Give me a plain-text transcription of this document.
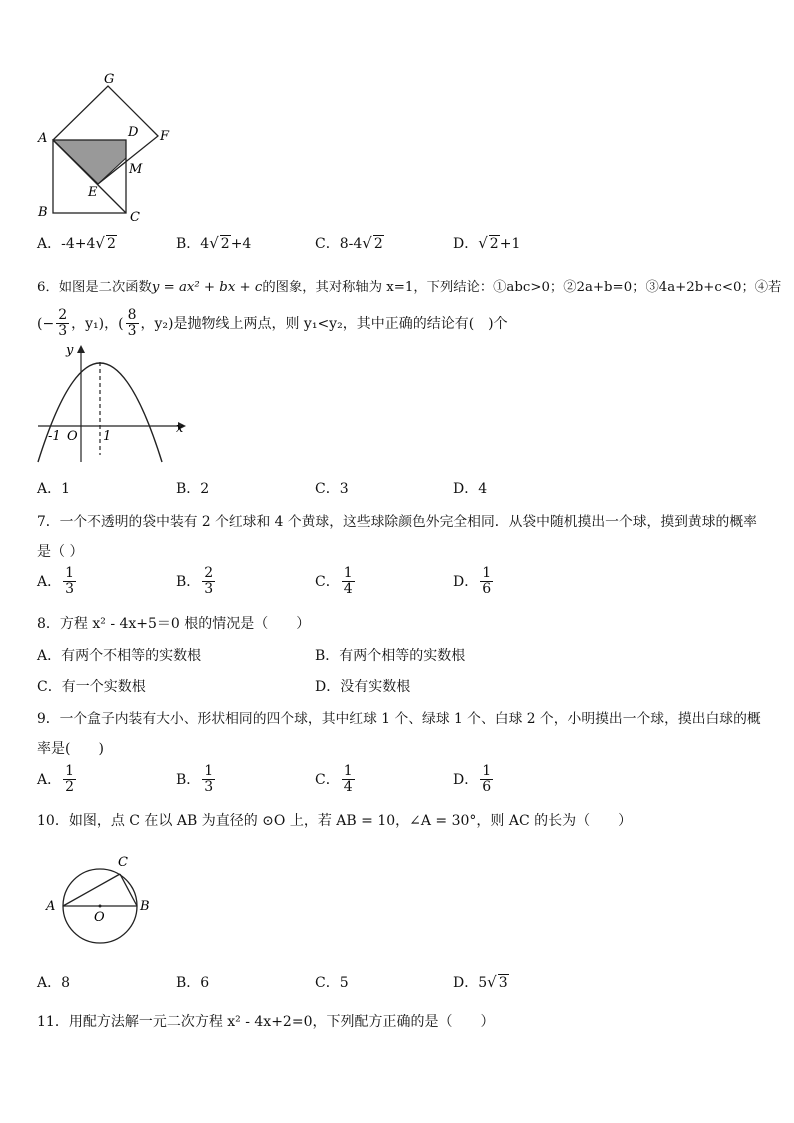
G
A	D F
M
E
B	C
A．-4+4√ 2	B．4√ 2+4	C．8-4√ 2	D．√ 2+1
6．如图是二次函数y = ax² + bx + c的图象，其对称轴为 x=1，下列结论：①abc>0；②2a+b=0；③4a+2b+c<0；④若
(− $\frac{2}{3}$ ，y₁)，( $\frac{8}{3}$ ，y₂)是抛物线上两点，则 y₁<y₂，其中正确的结论有(　)个
y
x
-1 O 1
A．1	B．2	C．3	D．4
7．一个不透明的袋中装有 2 个红球和 4 个黄球，这些球除颜色外完全相同．从袋中随机摸出一个球，摸到黄球的概率
是（ ）
A． $\frac{1}{3}$	B． $\frac{2}{3}$	C． $\frac{1}{4}$	D． $\frac{1}{6}$
8．方程 x² - 4x+5＝0 根的情况是（　　）
A．有两个不相等的实数根	B．有两个相等的实数根
C．有一个实数根	D．没有实数根
9．一个盒子内装有大小、形状相同的四个球，其中红球 1 个、绿球 1 个、白球 2 个，小明摸出一个球，摸出白球的概
率是(　　)
A． $\frac{1}{2}$	B． $\frac{1}{3}$	C． $\frac{1}{4}$	D． $\frac{1}{6}$
10．如图，点 C 在以 AB 为直径的 ⊙O 上，若 AB = 10，∠A = 30°，则 AC 的长为（　　）
A	B
C
O
A．8	B．6	C．5	D．5√ 3
11．用配方法解一元二次方程 x² - 4x+2=0，下列配方正确的是（　　）
